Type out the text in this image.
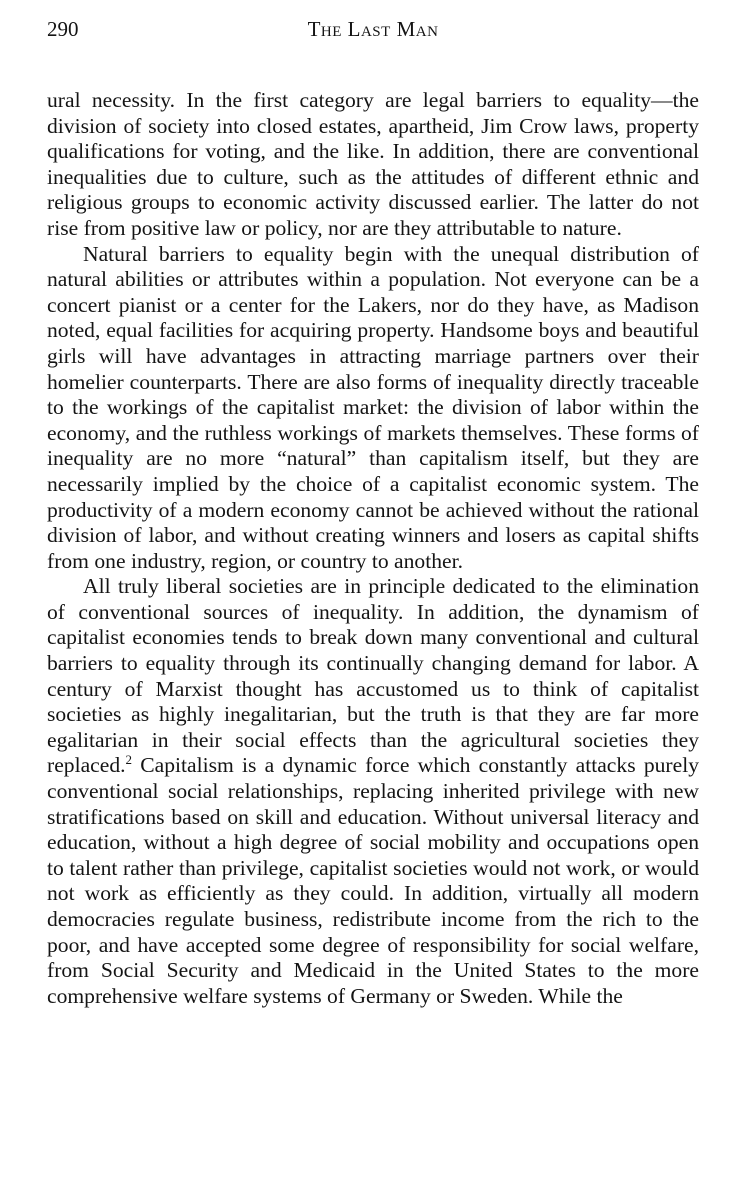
290	The Last Man

ural necessity. In the first category are legal barriers to equality—the division of society into closed estates, apartheid, Jim Crow laws, property qualifications for voting, and the like. In addition, there are conventional inequalities due to culture, such as the attitudes of different ethnic and religious groups to economic activity discussed earlier. The latter do not rise from positive law or policy, nor are they attributable to nature.

Natural barriers to equality begin with the unequal distribution of natural abilities or attributes within a population. Not everyone can be a concert pianist or a center for the Lakers, nor do they have, as Madison noted, equal facilities for acquiring property. Handsome boys and beautiful girls will have advantages in attracting marriage partners over their homelier counterparts. There are also forms of inequality directly traceable to the workings of the capitalist market: the division of labor within the economy, and the ruthless workings of markets themselves. These forms of inequality are no more “natural” than capitalism itself, but they are necessarily implied by the choice of a capitalist economic system. The productivity of a modern economy cannot be achieved without the rational division of labor, and without creating winners and losers as capital shifts from one industry, region, or country to another.

All truly liberal societies are in principle dedicated to the elimination of conventional sources of inequality. In addition, the dynamism of capitalist economies tends to break down many conventional and cultural barriers to equality through its continually changing demand for labor. A century of Marxist thought has accustomed us to think of capitalist societies as highly inegalitarian, but the truth is that they are far more egalitarian in their social effects than the agricultural societies they replaced.$^2$ Capitalism is a dynamic force which constantly attacks purely conventional social relationships, replacing inherited privilege with new stratifications based on skill and education. Without universal literacy and education, without a high degree of social mobility and occupations open to talent rather than privilege, capitalist societies would not work, or would not work as efficiently as they could. In addition, virtually all modern democracies regulate business, redistribute income from the rich to the poor, and have accepted some degree of responsibility for social welfare, from Social Security and Medicaid in the United States to the more comprehensive welfare systems of Germany or Sweden. While the
